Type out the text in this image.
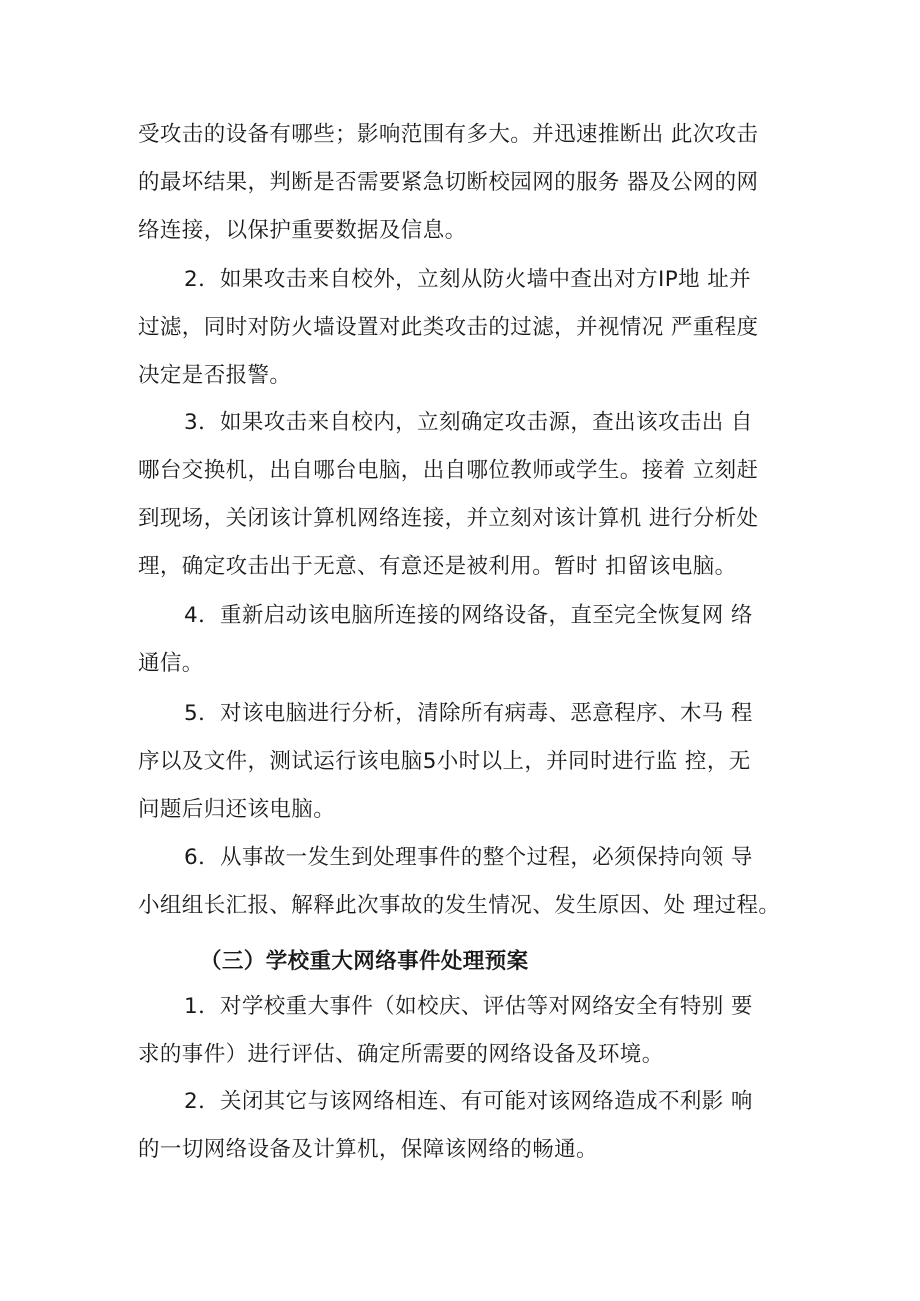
受攻击的设备有哪些；影响范围有多大。并迅速推断出 此次攻击
的最坏结果，判断是否需要紧急切断校园网的服务 器及公网的网
络连接，以保护重要数据及信息。
2．如果攻击来自校外，立刻从防火墙中查出对方IP地 址并
过滤，同时对防火墙设置对此类攻击的过滤，并视情况 严重程度
决定是否报警。
3．如果攻击来自校内，立刻确定攻击源，查出该攻击出 自
哪台交换机，出自哪台电脑，出自哪位教师或学生。接着 立刻赶
到现场，关闭该计算机网络连接，并立刻对该计算机 进行分析处
理，确定攻击出于无意、有意还是被利用。暂时 扣留该电脑。
4．重新启动该电脑所连接的网络设备，直至完全恢复网 络
通信。
5．对该电脑进行分析，清除所有病毒、恶意程序、木马 程
序以及文件，测试运行该电脑5小时以上，并同时进行监 控，无
问题后归还该电脑。
6．从事故一发生到处理事件的整个过程，必须保持向领 导
小组组长汇报、解释此次事故的发生情况、发生原因、处 理过程。
（三）学校重大网络事件处理预案
1．对学校重大事件（如校庆、评估等对网络安全有特别 要
求的事件）进行评估、确定所需要的网络设备及环境。
2．关闭其它与该网络相连、有可能对该网络造成不利影 响
的一切网络设备及计算机，保障该网络的畅通。
